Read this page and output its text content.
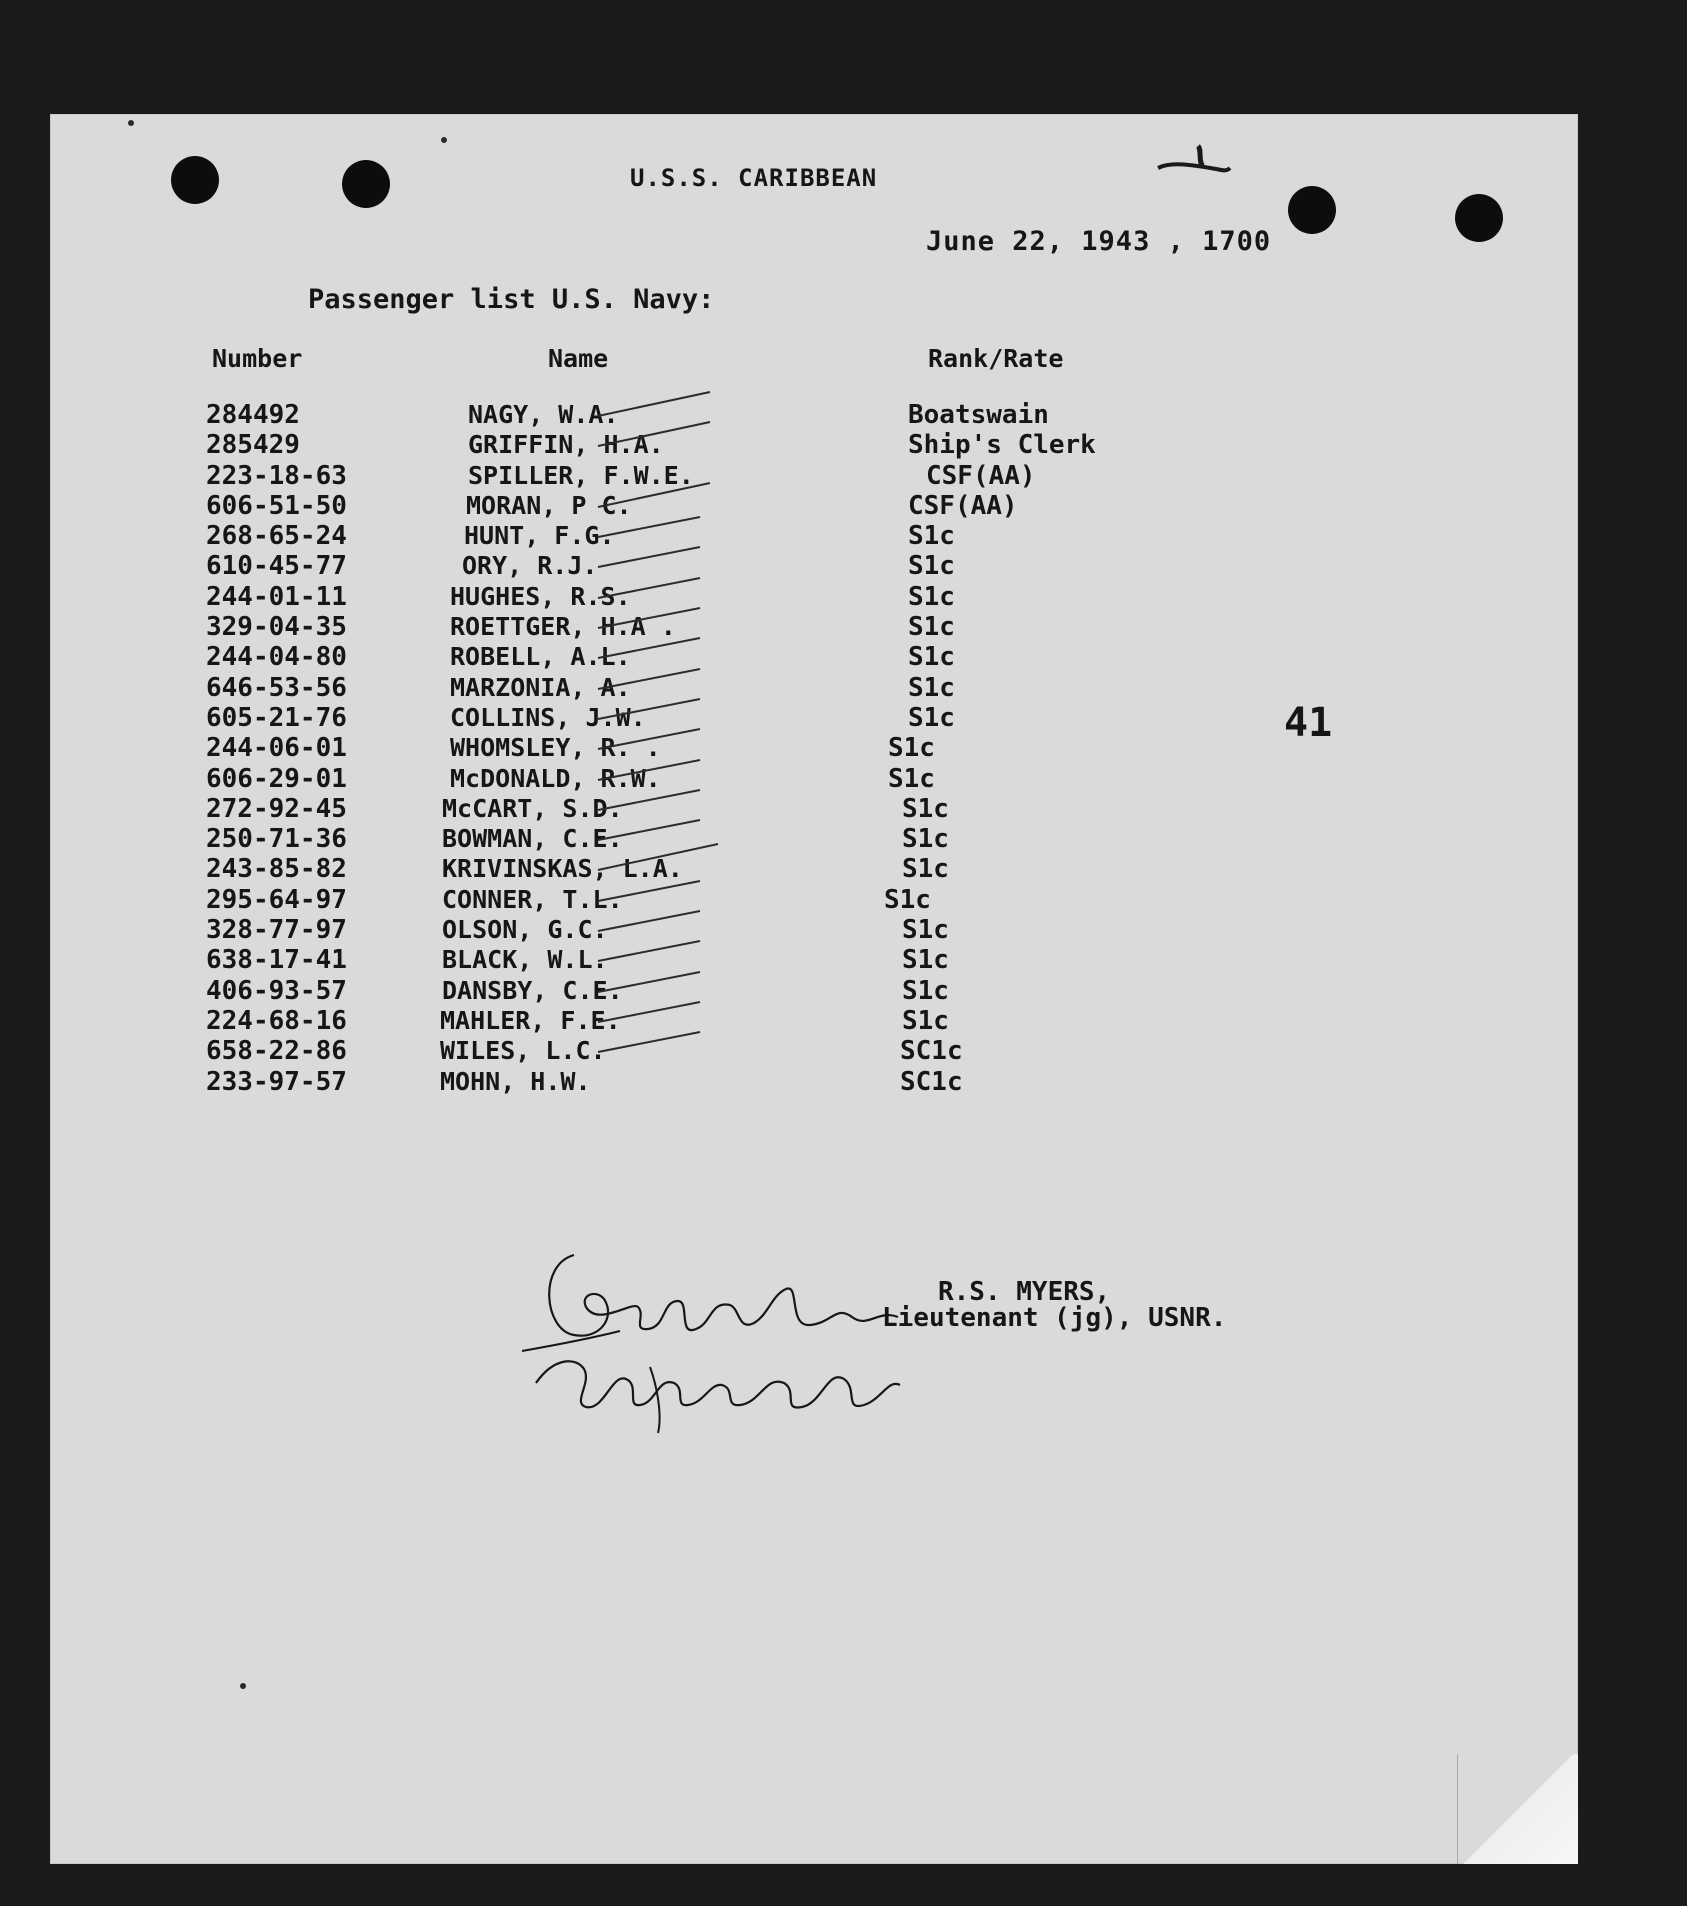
U.S.S. CARIBBEAN
June 22, 1943 , 1700
Passenger list U.S. Navy:
Number	Name	Rank/Rate
284492	NAGY, W.A.	Boatswain
285429	GRIFFIN, H.A.	Ship's Clerk
223-18-63	SPILLER, F.W.E.	CSF(AA)
606-51-50	MORAN, P C.	CSF(AA)
268-65-24	HUNT, F.G.	S1c
610-45-77	ORY, R.J.	S1c
244-01-11	HUGHES, R.S.	S1c
329-04-35	ROETTGER, H.A .	S1c
244-04-80	ROBELL, A.L.	S1c
646-53-56	MARZONIA, A.	S1c
605-21-76	COLLINS, J.W.	S1c
244-06-01	WHOMSLEY, R. .	S1c
606-29-01	McDONALD, R.W.	S1c
272-92-45	McCART, S.D.	S1c
250-71-36	BOWMAN, C.E.	S1c
243-85-82	KRIVINSKAS, L.A.	S1c
295-64-97	CONNER, T.L.	S1c
328-77-97	OLSON, G.C.	S1c
638-17-41	BLACK, W.L.	S1c
406-93-57	DANSBY, C.E.	S1c
224-68-16	MAHLER, F.E.	S1c
658-22-86	WILES, L.C.	SC1c
233-97-57	MOHN, H.W.	SC1c
41
R.S. MYERS,
Lieutenant (jg), USNR.
